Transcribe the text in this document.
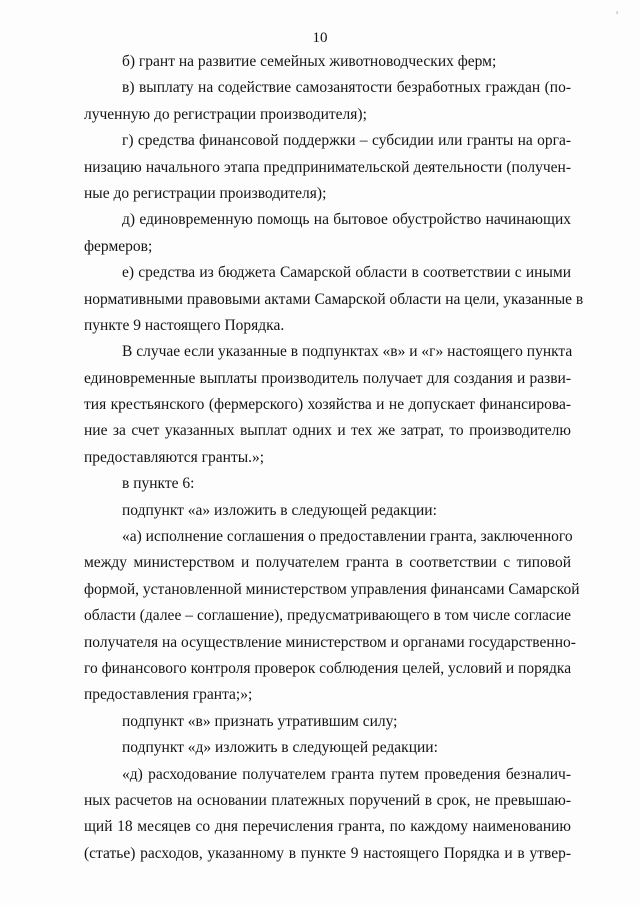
10
'
б) грант на развитие семейных животноводческих ферм;
в) выплату на содействие самозанятости безработных граждан (по-
лученную до регистрации производителя);
г) средства финансовой поддержки – субсидии или гранты на орга-
низацию начального этапа предпринимательской деятельности (получен-
ные до регистрации производителя);
д) единовременную помощь на бытовое обустройство начинающих
фермеров;
е) средства из бюджета Самарской области в соответствии с иными
нормативными правовыми актами Самарской области на цели, указанные в
пункте 9 настоящего Порядка.
В случае если указанные в подпунктах «в» и «г» настоящего пункта
единовременные выплаты производитель получает для создания и разви-
тия крестьянского (фермерского) хозяйства и не допускает финансирова-
ние за счет указанных выплат одних и тех же затрат, то производителю
предоставляются гранты.»;
в пункте 6:
подпункт «а» изложить в следующей редакции:
«а) исполнение соглашения о предоставлении гранта, заключенного
между министерством и получателем гранта в соответствии с типовой
формой, установленной министерством управления финансами Самарской
области (далее – соглашение), предусматривающего в том числе согласие
получателя на осуществление министерством и органами государственно-
го финансового контроля проверок соблюдения целей, условий и порядка
предоставления гранта;»;
подпункт «в» признать утратившим силу;
подпункт «д» изложить в следующей редакции:
«д) расходование получателем гранта путем проведения безналич-
ных расчетов на основании платежных поручений в срок, не превышаю-
щий 18 месяцев со дня перечисления гранта, по каждому наименованию
(статье) расходов, указанному в пункте 9 настоящего Порядка и в утвер-
